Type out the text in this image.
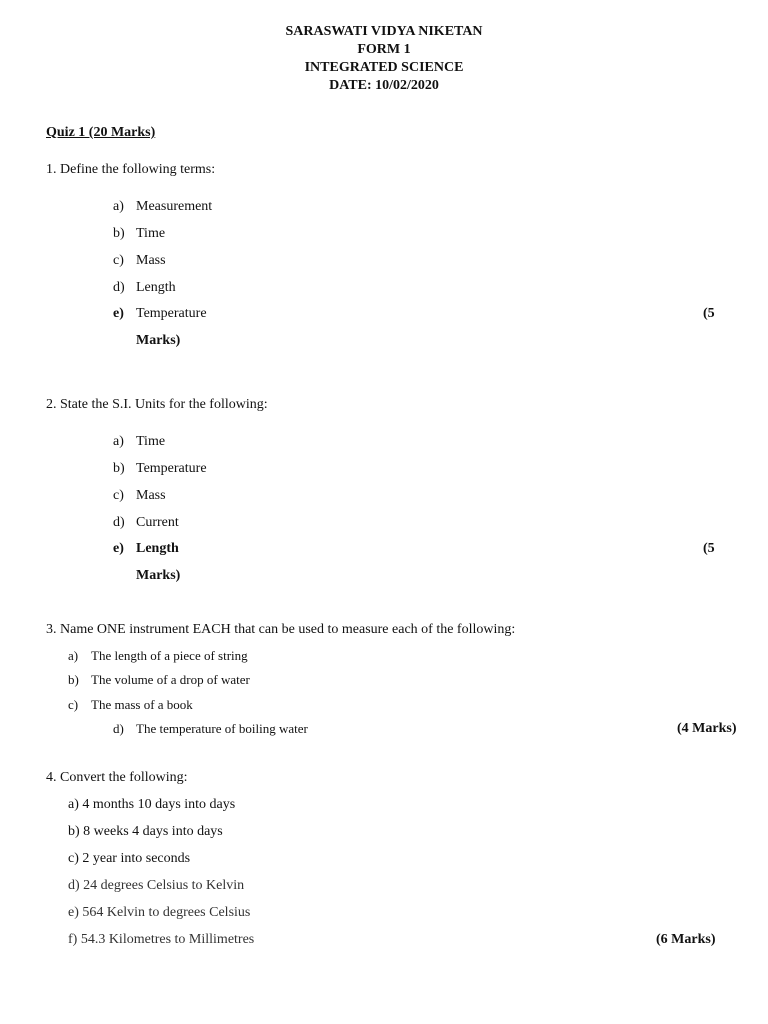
SARASWATI VIDYA NIKETAN
FORM 1
INTEGRATED SCIENCE
DATE: 10/02/2020
Quiz 1 (20 Marks)
1. Define the following terms:
a) Measurement
b) Time
c) Mass
d) Length
e) Temperature	(5
Marks)
2. State the S.I. Units for the following:
a) Time
b) Temperature
c) Mass
d) Current
e) Length	(5
Marks)
3. Name ONE instrument EACH that can be used to measure each of the following:
a) The length of a piece of string
b) The volume of a drop of water
c) The mass of a book
d) The temperature of boiling water	(4 Marks)
4. Convert the following:
a) 4 months 10 days into days
b) 8 weeks 4 days into days
c) 2 year into seconds
d) 24 degrees Celsius to Kelvin
e) 564 Kelvin to degrees Celsius
f) 54.3 Kilometres to Millimetres	(6 Marks)
